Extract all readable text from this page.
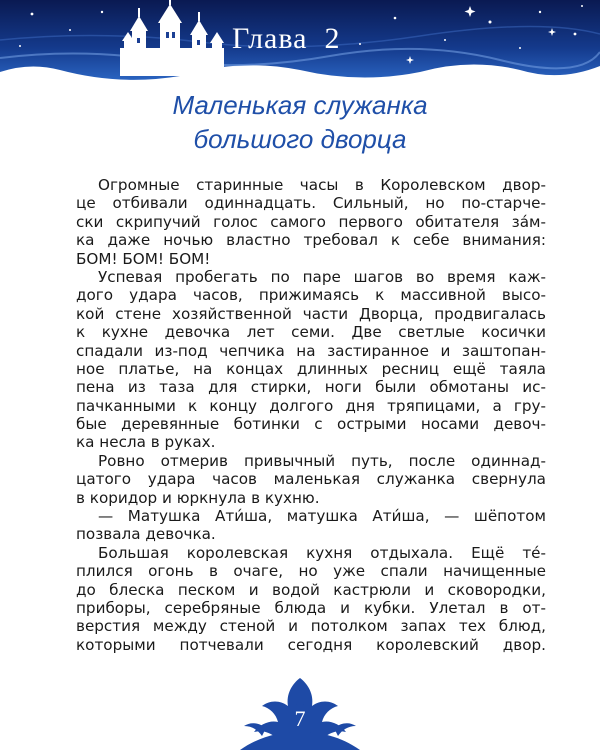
Глава  2
Маленькая служанка
большого дворца
Огромные старинные часы в Королевском двор-
це отбивали одиннадцать. Сильный, но по-старче-
ски скрипучий голос самого первого обитателя за́м-
ка даже ночью властно требовал к себе внимания:
БОМ! БОМ! БОМ!
Успевая пробегать по паре шагов во время каж-
дого удара часов, прижимаясь к массивной высо-
кой стене хозяйственной части Дворца, продвигалась
к кухне девочка лет семи. Две светлые косички
спадали из-под чепчика на застиранное и заштопан-
ное платье, на концах длинных ресниц ещё таяла
пена из таза для стирки, ноги были обмотаны ис-
пачканными к концу долгого дня тряпицами, а гру-
бые деревянные ботинки с острыми носами девоч-
ка несла в руках.
Ровно отмерив привычный путь, после одиннад-
цатого удара часов маленькая служанка свернула
в коридор и юркнула в кухню.
— Матушка Ати́ша, матушка Ати́ша, — шёпотом
позвала девочка.
Большая королевская кухня отдыхала. Ещё те́-
плился огонь в очаге, но уже спали начищенные
до блеска песком и водой кастрюли и сковородки,
приборы, серебряные блюда и кубки. Улетал в от-
верстия между стеной и потолком запах тех блюд,
которыми потчевали сегодня королевский двор.
7
